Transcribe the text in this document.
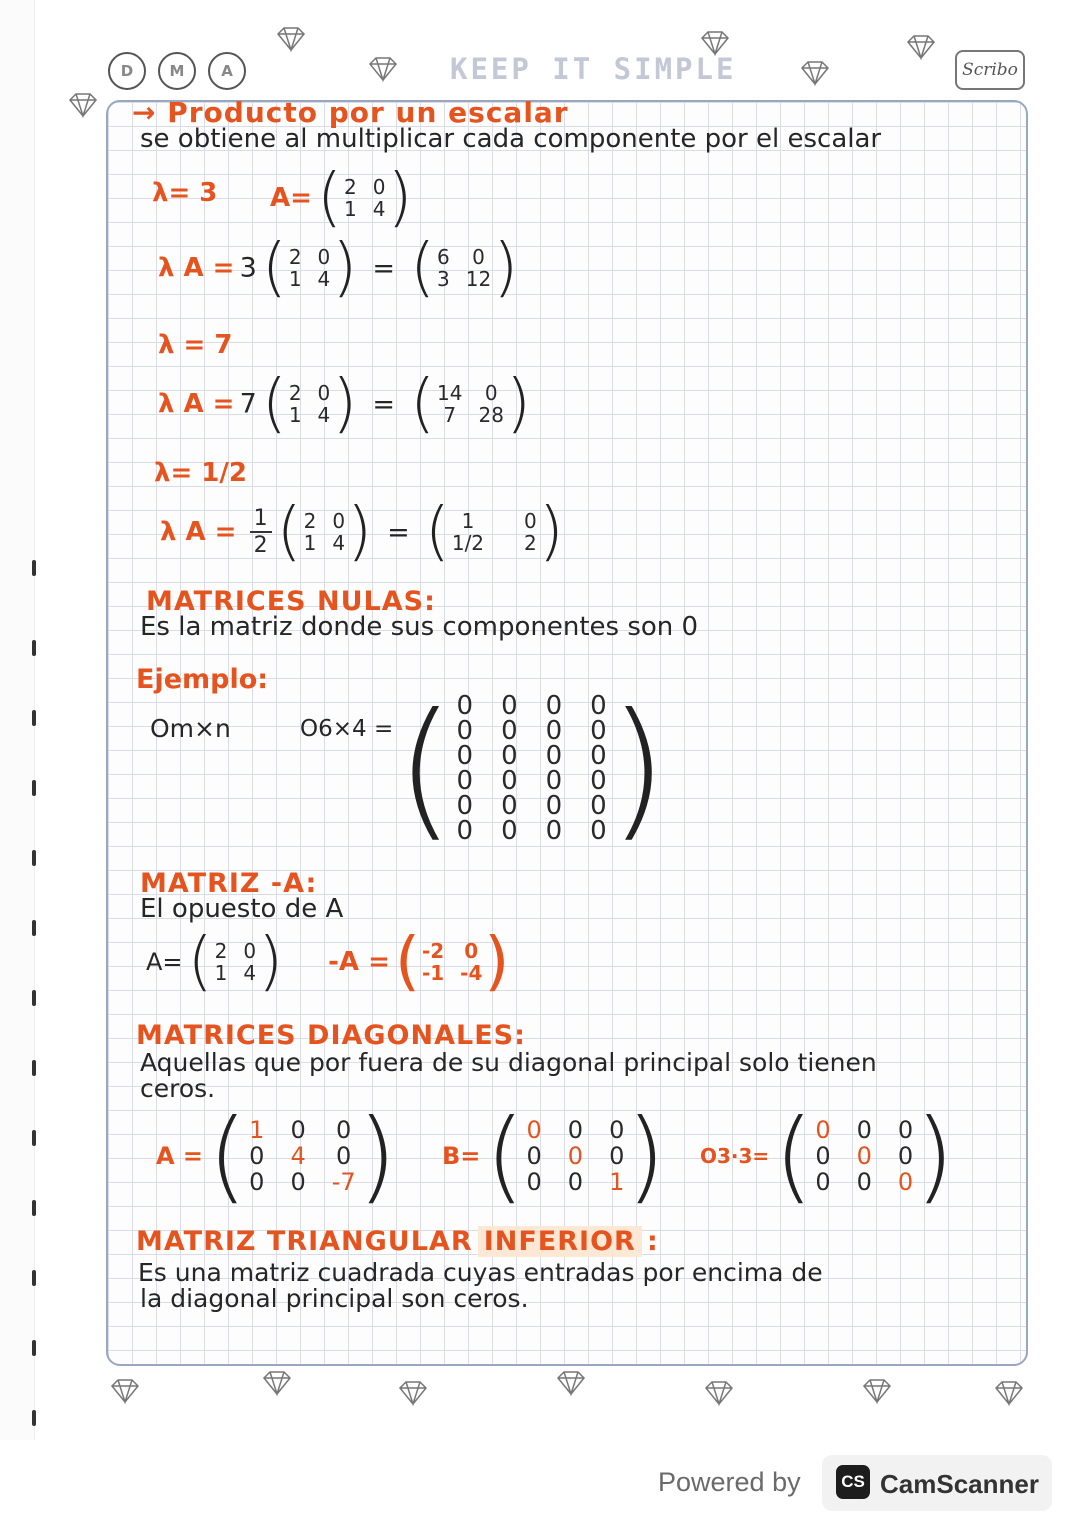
D	M	A	KEEP IT SIMPLE	Scribo
→ Producto por un escalar
se obtiene al multiplicar cada componente por el escalar
λ= 3 A= ( 2 0
1 4 )
λ A = 3 ( 2 0
1 4 ) = ( 6	0
3 12 )
λ = 7
λ A = 7 ( 2 0
1 4 ) = ( 14	0
7	28 )
λ= 1/2
λ $A = \frac{1}{2}$
( 2 0
1 4 ) = ( 1	0
1/2 2 )
MATRICES NULAS:
Es la matriz donde sus componentes son 0
Ejemplo:
Om×n	O6×4 = ( 0 0 0 0
0 0 0 0
0 0 0 0
0 0 0 0
0 0 0 0
0 0 0 0 )
MATRIZ -A:
El opuesto de A
A= ( 2 0
1 4 ) -A = ( -2 0
-1 -4 )
MATRICES DIAGONALES:
Aquellas que por fuera de su diagonal principal solo tienen
ceros.
A = ( 1 0 0
0 4 0
0 0 -7 ) B= ( 0 0 0
0 0 0
0 0 1 ) O3·3= ( 0 0 0
0 0 0
0 0 0 )
MATRIZ TRIANGULAR INFERIOR :
Es una matriz cuadrada cuyas entradas por encima de
la diagonal principal son ceros.
Powered by	CS CamScanner
